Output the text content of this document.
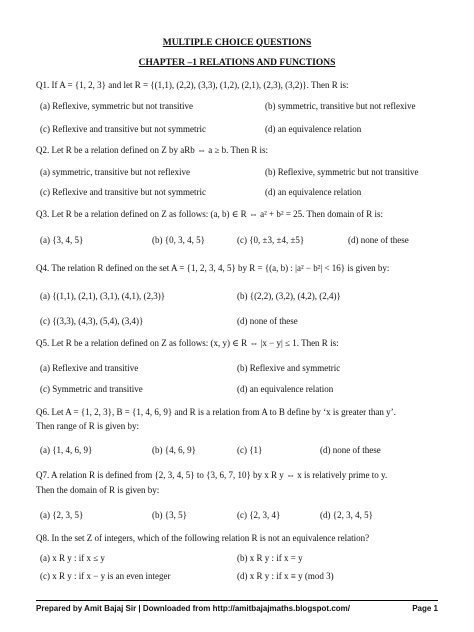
MULTIPLE CHOICE QUESTIONS
CHAPTER –1 RELATIONS AND FUNCTIONS
Q1. If A = {1, 2, 3} and let R = {(1,1), (2,2), (3,3), (1,2), (2,1), (2,3), (3,2)}. Then R is:
(a) Reflexive, symmetric but not transitive	(b) symmetric, transitive but not reflexive
(c) Reflexive and transitive but not symmetric	(d) an equivalence relation
Q2. Let R be a relation defined on Z by aRb ⇔ a ≥ b. Then R is:
(a) symmetric, transitive but not reflexive	(b) Reflexive, symmetric but not transitive
(c) Reflexive and transitive but not symmetric	(d) an equivalence relation
Q3. Let R be a relation defined on Z as follows: (a, b) ∈ R ⇔ a² + b² = 25. Then domain of R is:
(a) {3, 4, 5}	(b) {0, 3, 4, 5}	(c) {0, ±3, ±4, ±5}	(d) none of these
Q4. The relation R defined on the set A = {1, 2, 3, 4, 5} by R = {(a, b) : |a² − b²| < 16} is given by:
(a) {(1,1), (2,1), (3,1), (4,1), (2,3)}	(b) {(2,2), (3,2), (4,2), (2,4)}
(c) {(3,3), (4,3), (5,4), (3,4)}	(d) none of these
Q5. Let R be a relation defined on Z as follows: (x, y) ∈ R ⇔ |x − y| ≤ 1. Then R is:
(a) Reflexive and transitive	(b) Reflexive and symmetric
(c) Symmetric and transitive	(d) an equivalence relation
Q6. Let A = {1, 2, 3}, B = {1, 4, 6, 9} and R is a relation from A to B define by ‘x is greater than y’.
Then range of R is given by:
(a) {1, 4, 6, 9}	(b) {4, 6, 9}	(c) {1}	(d) none of these
Q7. A relation R is defined from {2, 3, 4, 5} to {3, 6, 7, 10} by x R y ⇔ x is relatively prime to y.
Then the domain of R is given by:
(a) {2, 3, 5}	(b) {3, 5}	(c) {2, 3, 4}	(d) {2, 3, 4, 5}
Q8. In the set Z of integers, which of the following relation R is not an equivalence relation?
(a) x R y : if x ≤ y	(b) x R y : if x = y
(c) x R y : if x − y is an even integer	(d) x R y : if x ≡ y (mod 3)
Prepared by Amit Bajaj Sir | Downloaded from http://amitbajajmaths.blogspot.com/	Page 1
